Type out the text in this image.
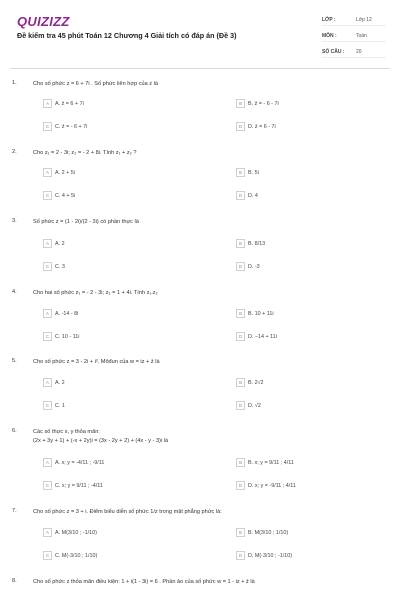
QUIZIZZ
Đề kiểm tra 45 phút Toán 12 Chương 4 Giải tích có đáp án (Đề 3)
LỚP :	Lớp 12
MÔN :	Toán
SỐ CÂU :	20
1.	Cho số phức z = 6 + 7i . Số phức liên hợp của z là
A	A. z̄ = 6 + 7i	B	B. z̄ = - 6 - 7i
C	C. z̄ = - 6 + 7i	D	D. z̄ = 6 - 7i
2.	Cho z₁ = 2 - 3i; z₂ = - 2 + 8i. Tính z₁ + z₂ ?
A	A. 2 + 5i	B	B. 5i
C	C. 4 + 5i	D	D. 4
3.	Số phức z = (1 - 2i)/(2 - 3i) có phần thực là
A	A. 2	B	B. 8/13
C	C. 3	D	D. -3
4.	Cho hai số phức z₁ = - 2 - 3i; z₂ = 1 + 4i. Tính z₁.z₂
A	A. -14 - 8i	B	B. 10 + 11i
C	C. 10 - 11i	D	D. −14 + 11i
5.	Cho số phức z = 3 - 2i + i². Môđun của w = iz + z̄ là
A	A. 2	B	B. 2√2
C	C. 1	D	D. √2
6.	Các số thực x, y thỏa mãn:
(2x + 3y + 1) + (-x + 2y)i = (3x - 2y + 2) + (4x - y - 3)i là
A	A. x; y = -4/11 ; -9/11	B	B. x; y = 9/11 ; 4/11
C	C. x; y = 9/11 ; -4/11	D	D. x; y = -9/11 ; 4/11
7.	Cho số phức z = 3 + i. Điểm biểu diễn số phức 1/z trong mặt phẳng phức là:
A	A. M(3/10 ; -1/10)	B	B. M(3/10 ; 1/10)
C	C. M(-3/10 ; 1/10)	D	D. M(-3/10 ; -1/10)
8.	Cho số phức z thỏa mãn điều kiện: 1 + i(1 - 3i) = 6 . Phần ảo của số phức w = 1 - iz + z̄ là
